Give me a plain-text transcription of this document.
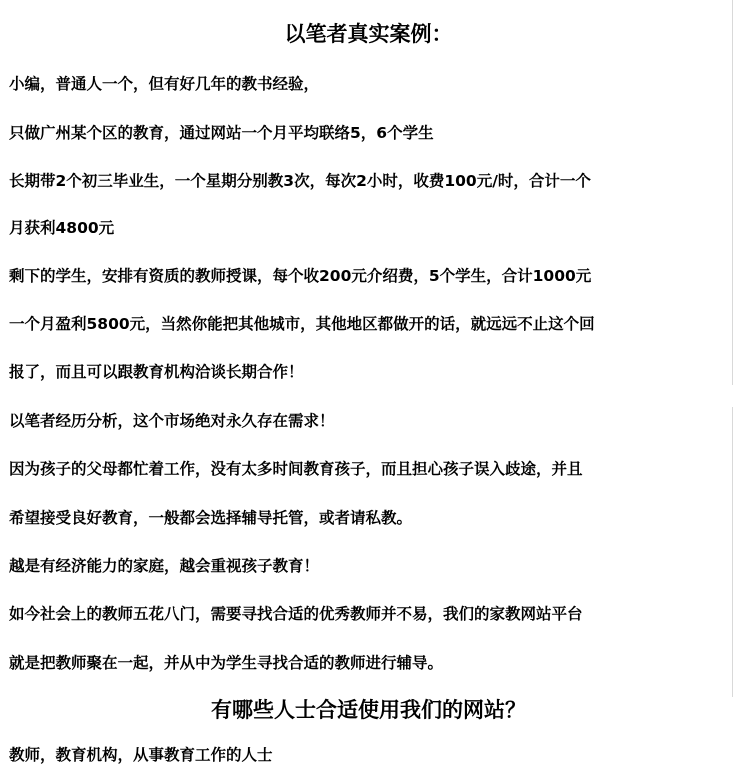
以笔者真实案例：
小编，普通人一个，但有好几年的教书经验，
只做广州某个区的教育，通过网站一个月平均联络5，6个学生
长期带2个初三毕业生，一个星期分别教3次，每次2小时，收费100元/时，合计一个
月获利4800元
剩下的学生，安排有资质的教师授课，每个收200元介绍费，5个学生，合计1000元
一个月盈利5800元，当然你能把其他城市，其他地区都做开的话，就远远不止这个回
报了，而且可以跟教育机构洽谈长期合作！
以笔者经历分析，这个市场绝对永久存在需求！
因为孩子的父母都忙着工作，没有太多时间教育孩子，而且担心孩子误入歧途，并且
希望接受良好教育，一般都会选择辅导托管，或者请私教。
越是有经济能力的家庭，越会重视孩子教育！
如今社会上的教师五花八门，需要寻找合适的优秀教师并不易，我们的家教网站平台
就是把教师聚在一起，并从中为学生寻找合适的教师进行辅导。
有哪些人士合适使用我们的网站？
教师，教育机构，从事教育工作的人士
